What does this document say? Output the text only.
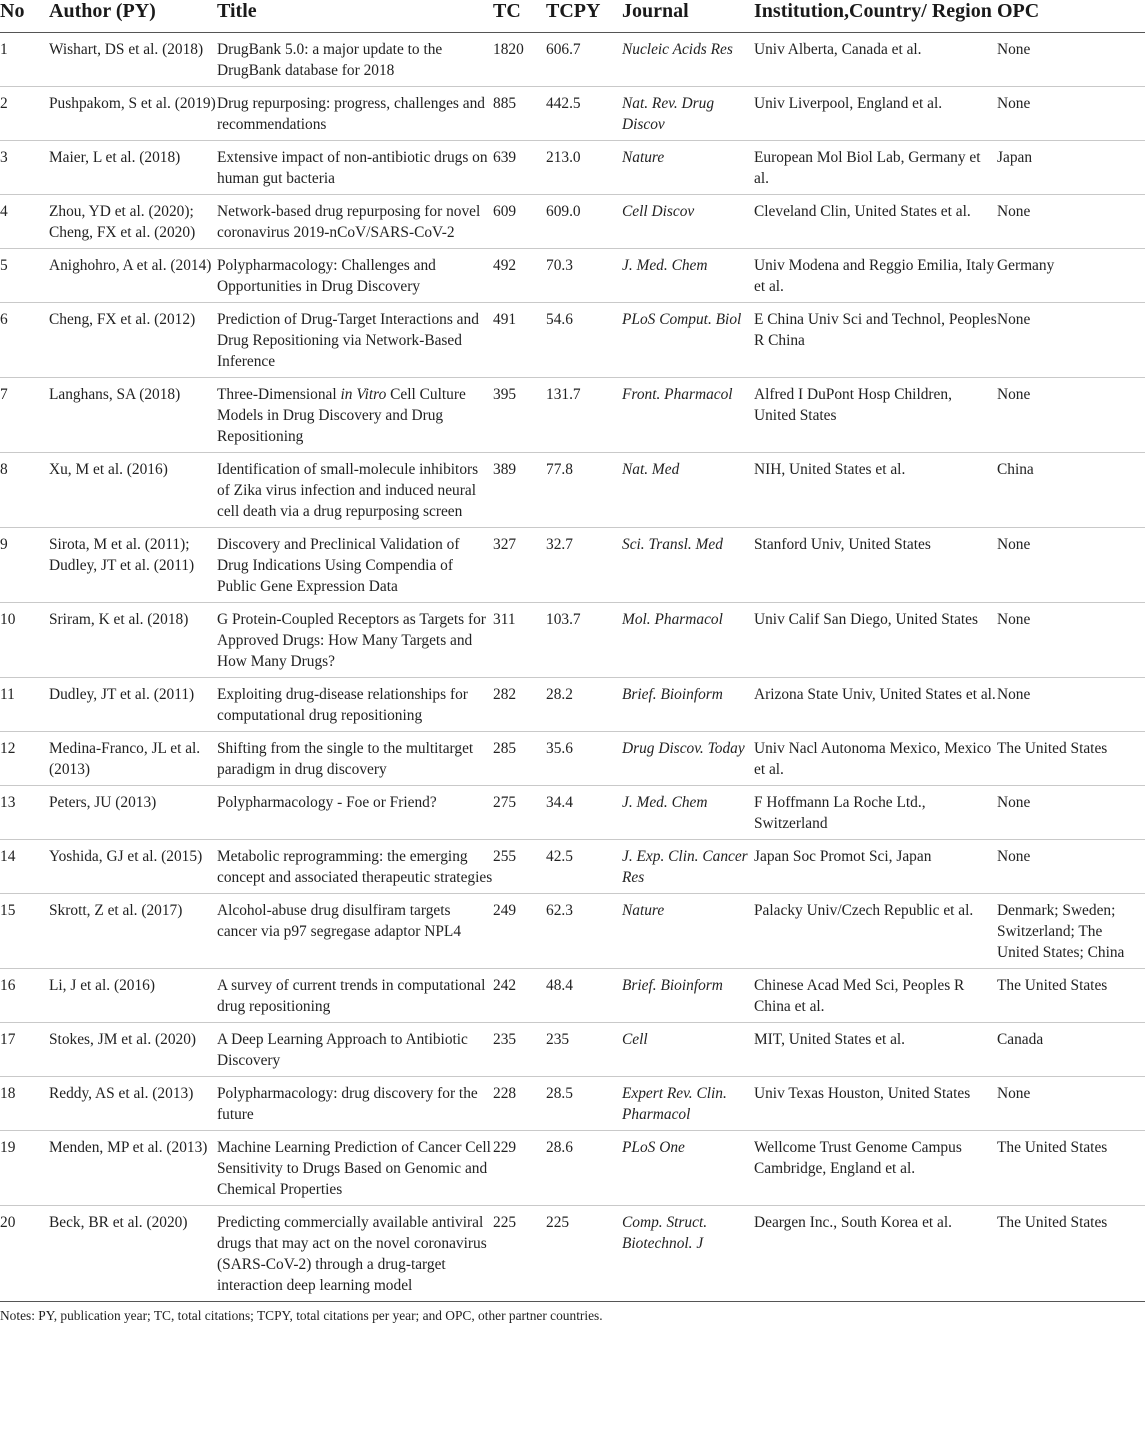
No	Author (PY)	Title	TC	TCPY	Journal	Institution,Country/ Region	OPC
1	Wishart, DS et al. (2018)	DrugBank 5.0: a major update to the DrugBank database for 2018	1820	606.7	Nucleic Acids Res	Univ Alberta, Canada et al.	None
2	Pushpakom, S et al. (2019)	Drug repurposing: progress, challenges and recommendations	885	442.5	Nat. Rev. Drug Discov	Univ Liverpool, England et al.	None
3	Maier, L et al. (2018)	Extensive impact of non-antibiotic drugs on human gut bacteria	639	213.0	Nature	European Mol Biol Lab, Germany et al.	Japan
4	Zhou, YD et al. (2020); Cheng, FX et al. (2020)	Network-based drug repurposing for novel coronavirus 2019-nCoV/SARS-CoV-2	609	609.0	Cell Discov	Cleveland Clin, United States et al.	None
5	Anighohro, A et al. (2014)	Polypharmacology: Challenges and Opportunities in Drug Discovery	492	70.3	J. Med. Chem	Univ Modena and Reggio Emilia, Italy et al.	Germany
6	Cheng, FX et al. (2012)	Prediction of Drug-Target Interactions and Drug Repositioning via Network-Based Inference	491	54.6	PLoS Comput. Biol	E China Univ Sci and Technol, Peoples R China	None
7	Langhans, SA (2018)	Three-Dimensional in Vitro Cell Culture Models in Drug Discovery and Drug Repositioning	395	131.7	Front. Pharmacol	Alfred I DuPont Hosp Children, United States	None
8	Xu, M et al. (2016)	Identification of small-molecule inhibitors of Zika virus infection and induced neural cell death via a drug repurposing screen	389	77.8	Nat. Med	NIH, United States et al.	China
9	Sirota, M et al. (2011); Dudley, JT et al. (2011)	Discovery and Preclinical Validation of Drug Indications Using Compendia of Public Gene Expression Data	327	32.7	Sci. Transl. Med	Stanford Univ, United States	None
10	Sriram, K et al. (2018)	G Protein-Coupled Receptors as Targets for Approved Drugs: How Many Targets and How Many Drugs?	311	103.7	Mol. Pharmacol	Univ Calif San Diego, United States	None
11	Dudley, JT et al. (2011)	Exploiting drug-disease relationships for computational drug repositioning	282	28.2	Brief. Bioinform	Arizona State Univ, United States et al.	None
12	Medina-Franco, JL et al. (2013)	Shifting from the single to the multitarget paradigm in drug discovery	285	35.6	Drug Discov. Today	Univ Nacl Autonoma Mexico, Mexico et al.	The United States
13	Peters, JU (2013)	Polypharmacology - Foe or Friend?	275	34.4	J. Med. Chem	F Hoffmann La Roche Ltd., Switzerland	None
14	Yoshida, GJ et al. (2015)	Metabolic reprogramming: the emerging concept and associated therapeutic strategies	255	42.5	J. Exp. Clin. Cancer Res	Japan Soc Promot Sci, Japan	None
15	Skrott, Z et al. (2017)	Alcohol-abuse drug disulfiram targets cancer via p97 segregase adaptor NPL4	249	62.3	Nature	Palacky Univ/Czech Republic et al.	Denmark; Sweden; Switzerland; The United States; China
16	Li, J et al. (2016)	A survey of current trends in computational drug repositioning	242	48.4	Brief. Bioinform	Chinese Acad Med Sci, Peoples R China et al.	The United States
17	Stokes, JM et al. (2020)	A Deep Learning Approach to Antibiotic Discovery	235	235	Cell	MIT, United States et al.	Canada
18	Reddy, AS et al. (2013)	Polypharmacology: drug discovery for the future	228	28.5	Expert Rev. Clin. Pharmacol	Univ Texas Houston, United States	None
19	Menden, MP et al. (2013)	Machine Learning Prediction of Cancer Cell Sensitivity to Drugs Based on Genomic and Chemical Properties	229	28.6	PLoS One	Wellcome Trust Genome Campus Cambridge, England et al.	The United States
20	Beck, BR et al. (2020)	Predicting commercially available antiviral drugs that may act on the novel coronavirus (SARS-CoV-2) through a drug-target interaction deep learning model	225	225	Comp. Struct. Biotechnol. J	Deargen Inc., South Korea et al.	The United States
Notes: PY, publication year; TC, total citations; TCPY, total citations per year; and OPC, other partner countries.
